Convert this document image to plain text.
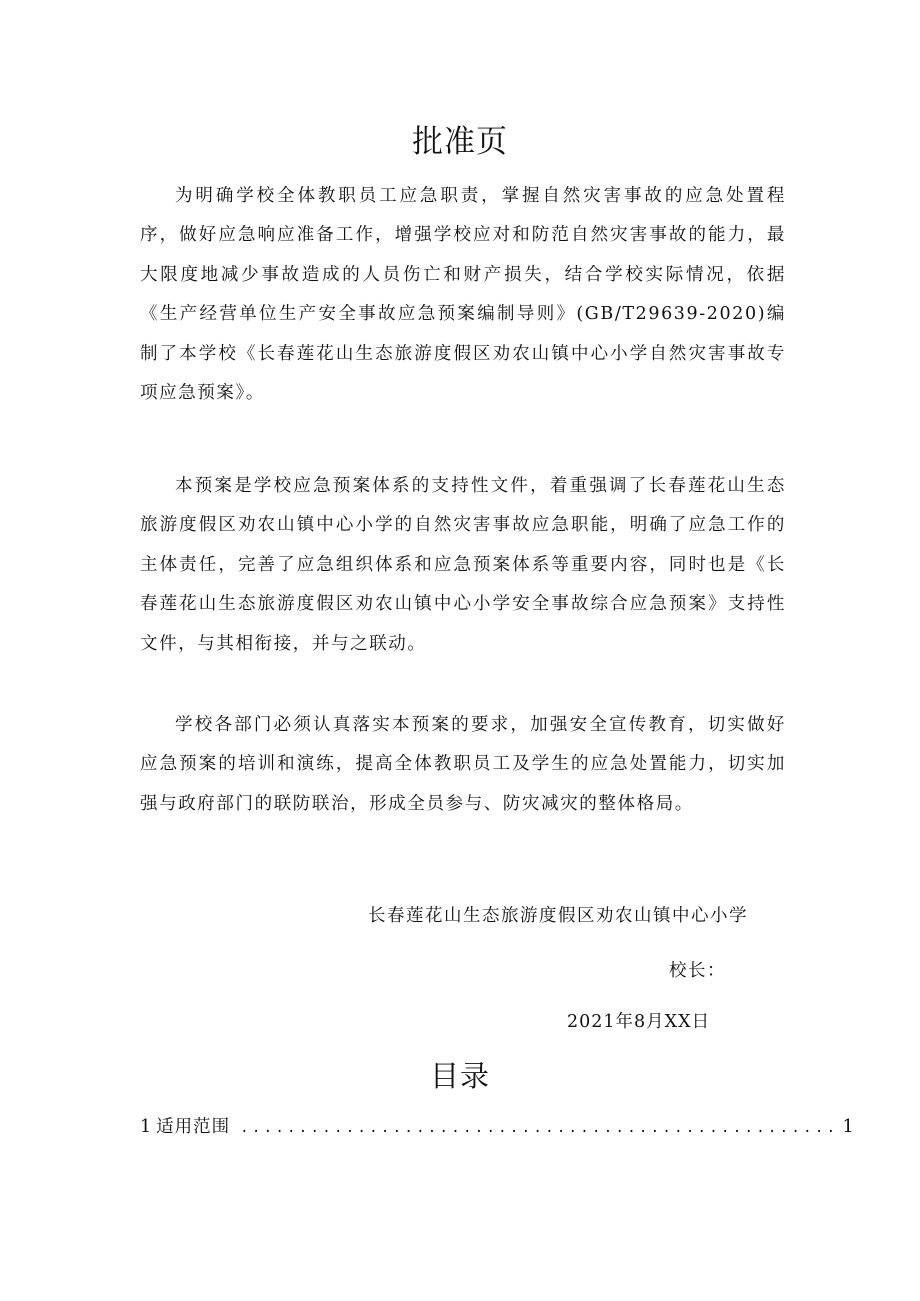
批准页

为明确学校全体教职员工应急职责，掌握自然灾害事故的应急处置程序，做好应急响应准备工作，增强学校应对和防范自然灾害事故的能力，最大限度地减少事故造成的人员伤亡和财产损失，结合学校实际情况，依据《生产经营单位生产安全事故应急预案编制导则》(GB/T29639-2020)编制了本学校《长春莲花山生态旅游度假区劝农山镇中心小学自然灾害事故专项应急预案》。

本预案是学校应急预案体系的支持性文件，着重强调了长春莲花山生态旅游度假区劝农山镇中心小学的自然灾害事故应急职能，明确了应急工作的主体责任，完善了应急组织体系和应急预案体系等重要内容，同时也是《长春莲花山生态旅游度假区劝农山镇中心小学安全事故综合应急预案》支持性文件，与其相衔接，并与之联动。

学校各部门必须认真落实本预案的要求，加强安全宣传教育，切实做好应急预案的培训和演练，提高全体教职员工及学生的应急处置能力，切实加强与政府部门的联防联治，形成全员参与、防灾减灾的整体格局。

长春莲花山生态旅游度假区劝农山镇中心小学

校长：

2021年8月XX日

目录
1 适用范围 ................................................... 1
